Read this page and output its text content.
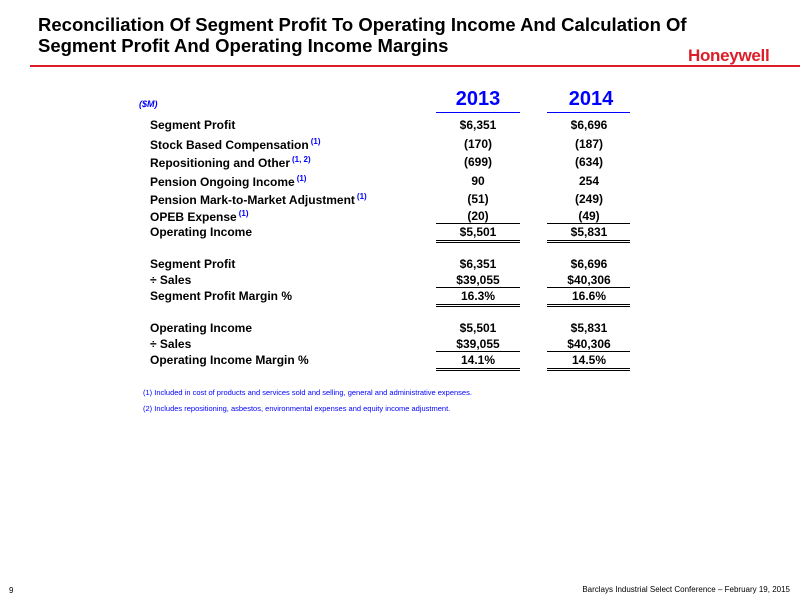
Reconciliation Of Segment Profit To Operating Income And Calculation Of
Segment Profit And Operating Income Margins	Honeywell
($M)	2013	2014
Segment Profit	$6,351	$6,696
Stock Based Compensation $^{(1)}$	(170)	(187)
Repositioning and Other $^{(1, 2)}$	(699)	(634)
Pension Ongoing Income $^{(1)}$	90	254
Pension Mark-to-Market Adjustment $^{(1)}$	(51)	(249)
OPEB Expense $^{(1)}$	(20)	(49)
Operating Income	$5,501	$5,831
Segment Profit	$6,351	$6,696
÷ Sales	$39,055	$40,306
Segment Profit Margin %	16.3%	16.6%
Operating Income	$5,501	$5,831
÷ Sales	$39,055	$40,306
Operating Income Margin %	14.1%	14.5%
(1) Included in cost of products and services sold and selling, general and administrative expenses.
(2) Includes repositioning, asbestos, environmental expenses and equity income adjustment.
9	Barclays Industrial Select Conference – February 19, 2015
